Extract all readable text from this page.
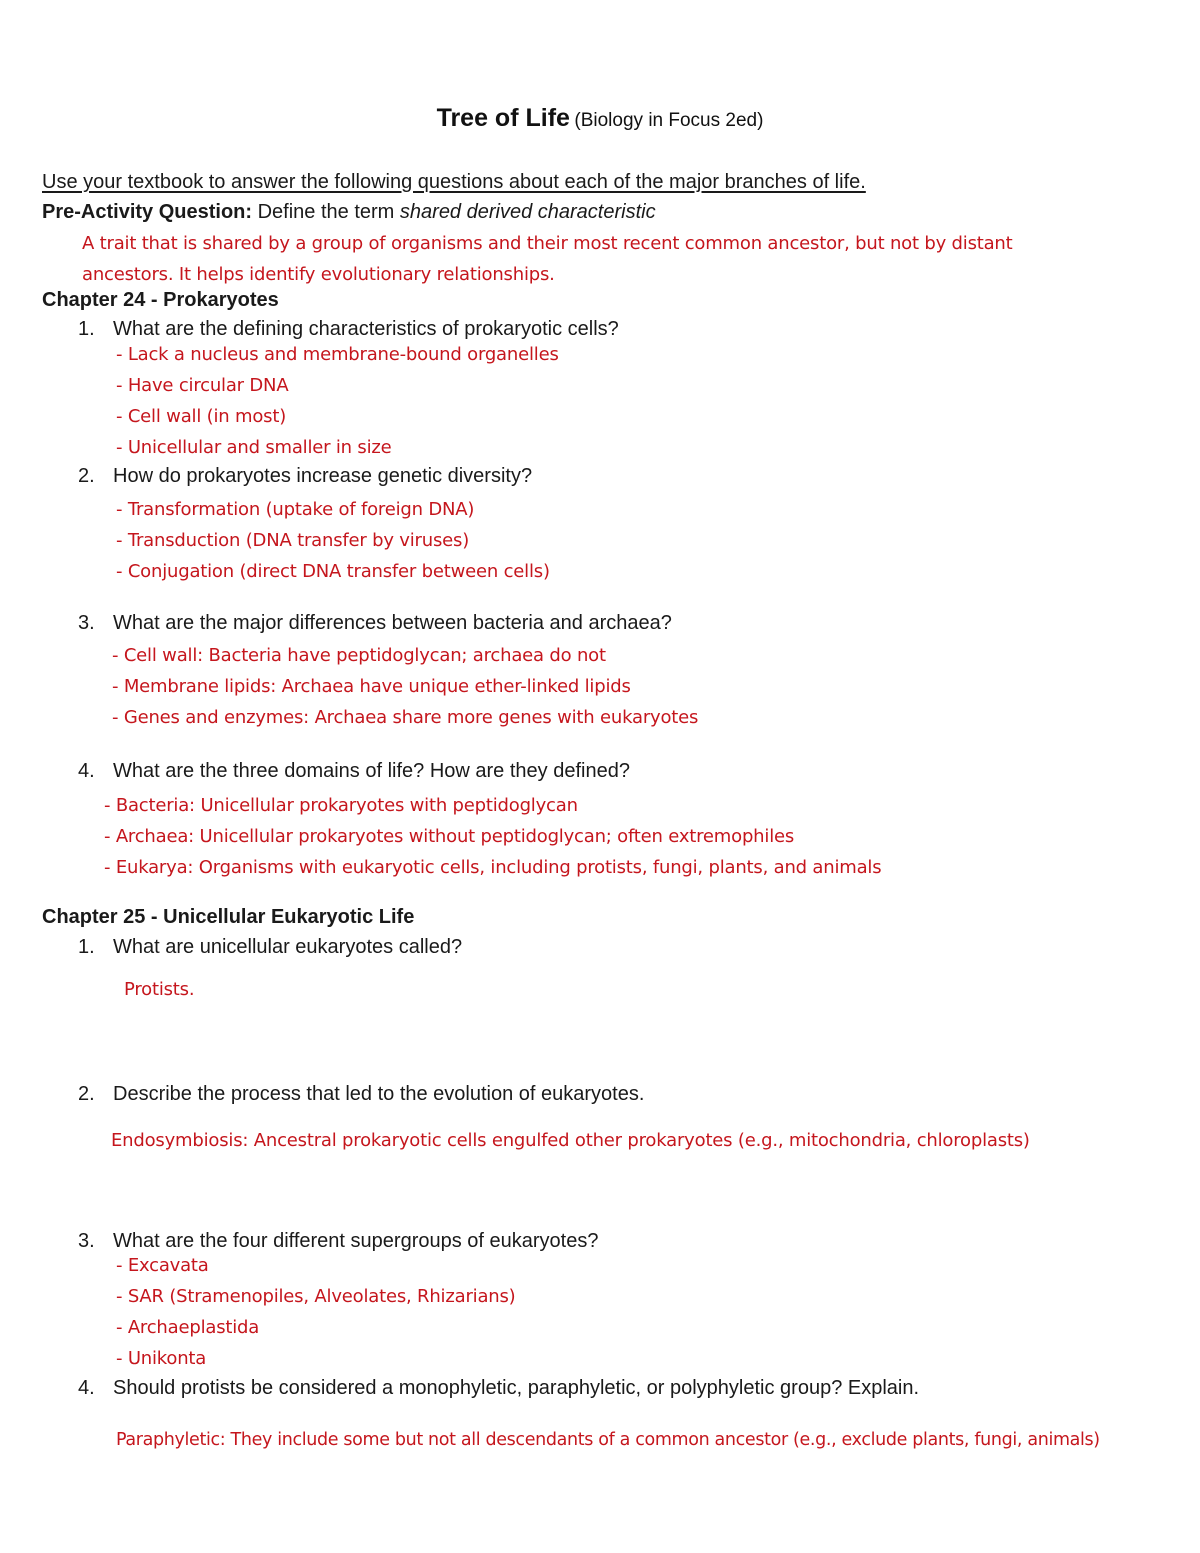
Tree of Life (Biology in Focus 2ed)
Use your textbook to answer the following questions about each of the major branches of life.
Pre-Activity Question: Define the term shared derived characteristic
A trait that is shared by a group of organisms and their most recent common ancestor, but not by distant
ancestors. It helps identify evolutionary relationships.
Chapter 24 - Prokaryotes
1. What are the defining characteristics of prokaryotic cells?
- Lack a nucleus and membrane-bound organelles
- Have circular DNA
- Cell wall (in most)
- Unicellular and smaller in size
2. How do prokaryotes increase genetic diversity?
- Transformation (uptake of foreign DNA)
- Transduction (DNA transfer by viruses)
- Conjugation (direct DNA transfer between cells)
3. What are the major differences between bacteria and archaea?
- Cell wall: Bacteria have peptidoglycan; archaea do not
- Membrane lipids: Archaea have unique ether-linked lipids
- Genes and enzymes: Archaea share more genes with eukaryotes
4. What are the three domains of life? How are they defined?
- Bacteria: Unicellular prokaryotes with peptidoglycan
- Archaea: Unicellular prokaryotes without peptidoglycan; often extremophiles
- Eukarya: Organisms with eukaryotic cells, including protists, fungi, plants, and animals
Chapter 25 - Unicellular Eukaryotic Life
1. What are unicellular eukaryotes called?
Protists.
2. Describe the process that led to the evolution of eukaryotes.
Endosymbiosis: Ancestral prokaryotic cells engulfed other prokaryotes (e.g., mitochondria, chloroplasts)
3. What are the four different supergroups of eukaryotes?
- Excavata
- SAR (Stramenopiles, Alveolates, Rhizarians)
- Archaeplastida
- Unikonta
4. Should protists be considered a monophyletic, paraphyletic, or polyphyletic group? Explain.
Paraphyletic: They include some but not all descendants of a common ancestor (e.g., exclude plants, fungi, animals)
